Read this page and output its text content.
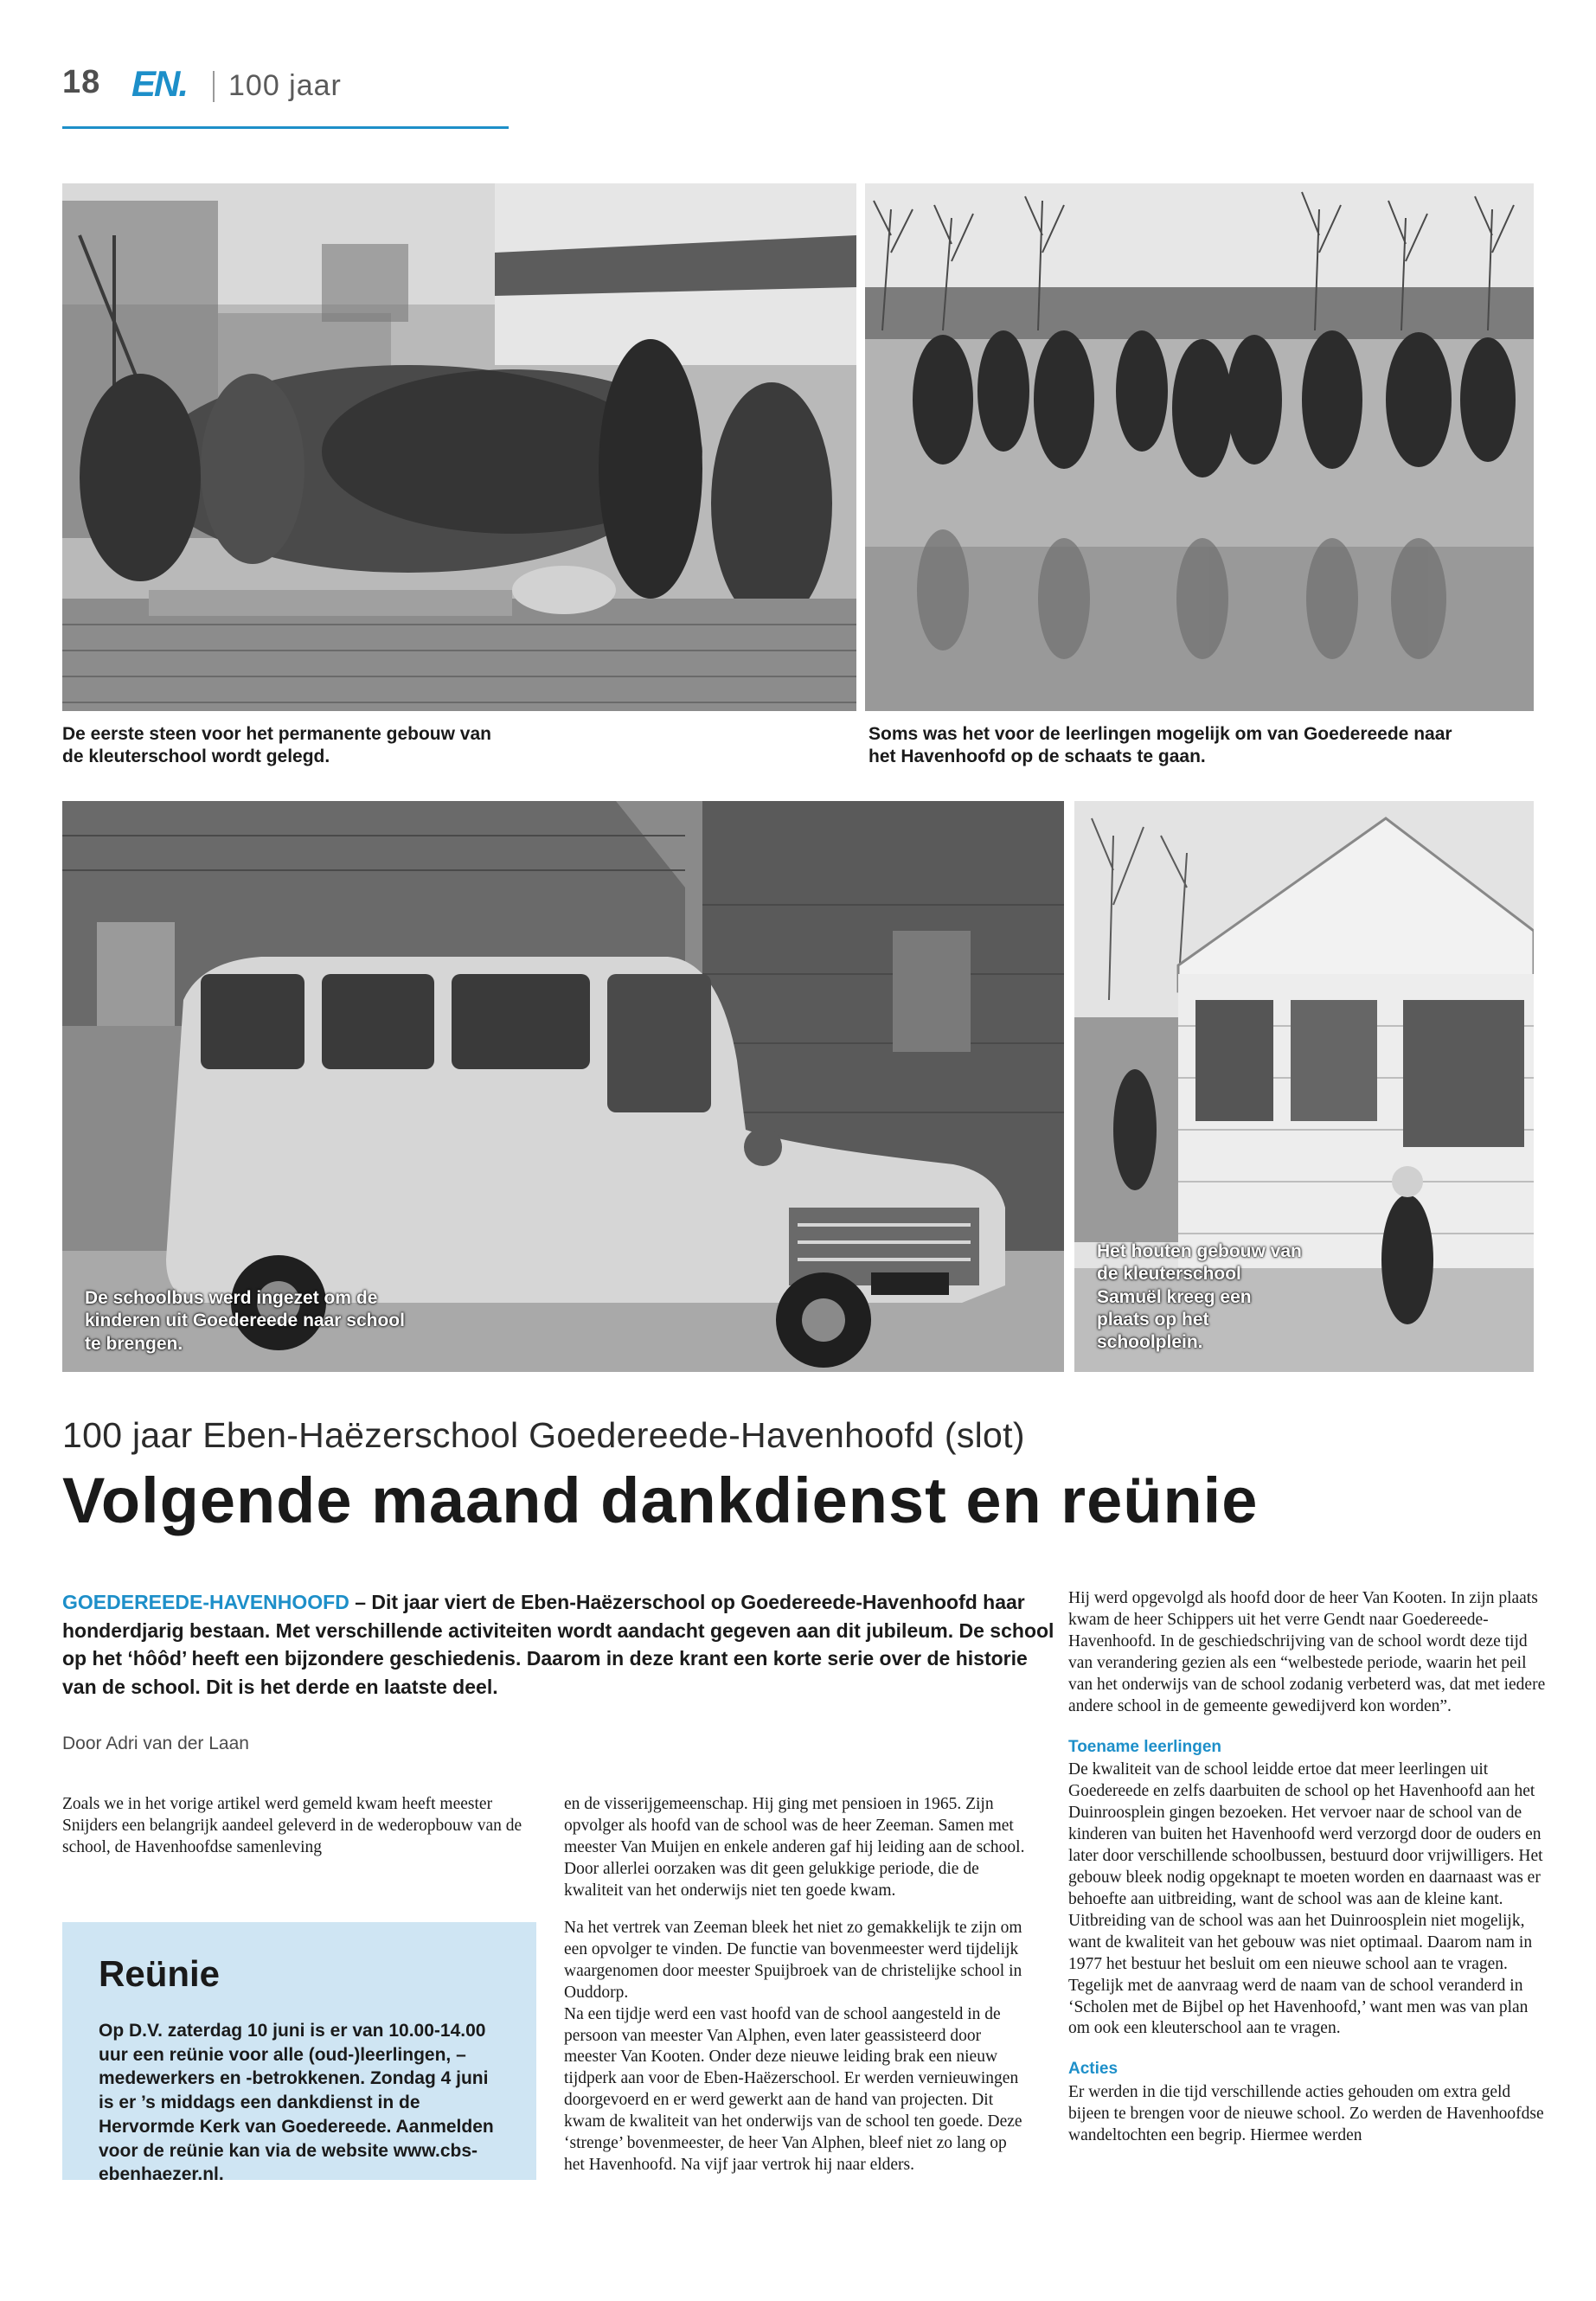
18 EN. 100 jaar
De eerste steen voor het permanente gebouw van de kleuterschool wordt gelegd.
Soms was het voor de leerlingen mogelijk om van Goedereede naar het Havenhoofd op de schaats te gaan.
De schoolbus werd ingezet om de kinderen uit Goedereede naar school te brengen.
Het houten gebouw van de kleuterschool Samuël kreeg een plaats op het schoolplein.
100 jaar Eben-Haëzerschool Goedereede-Havenhoofd (slot)
Volgende maand dankdienst en reünie
GOEDEREEDE-HAVENHOOFD – Dit jaar viert de Eben-Haëzerschool op Goedereede-Havenhoofd haar honderdjarig bestaan. Met verschillende activiteiten wordt aandacht gegeven aan dit jubileum. De school op het ‘hôôd’ heeft een bijzondere geschiedenis. Daarom in deze krant een korte serie over de historie van de school. Dit is het derde en laatste deel.
Door Adri van der Laan

Zoals we in het vorige artikel werd gemeld kwam heeft meester Snijders een belangrijk aandeel geleverd in de wederopbouw van de school, de Havenhoofdse samenleving

Reünie
Op D.V. zaterdag 10 juni is er van 10.00-14.00 uur een reünie voor alle (oud-)leerlingen, – medewerkers en -betrokkenen. Zondag 4 juni is er ’s middags een dankdienst in de Hervormde Kerk van Goedereede. Aanmelden voor de reünie kan via de website www.cbs-ebenhaezer.nl.

en de visserijgemeenschap. Hij ging met pensioen in 1965. Zijn opvolger als hoofd van de school was de heer Zeeman. Samen met meester Van Muijen en enkele anderen gaf hij leiding aan de school. Door allerlei oorzaken was dit geen gelukkige periode, die de kwaliteit van het onderwijs niet ten goede kwam.

Na het vertrek van Zeeman bleek het niet zo gemakkelijk te zijn om een opvolger te vinden. De functie van bovenmeester werd tijdelijk waargenomen door meester Spuijbroek van de christelijke school in Ouddorp.

Na een tijdje werd een vast hoofd van de school aangesteld in de persoon van meester Van Alphen, even later geassisteerd door meester Van Kooten. Onder deze nieuwe leiding brak een nieuw tijdperk aan voor de Eben-Haëzerschool. Er werden vernieuwingen doorgevoerd en er werd gewerkt aan de hand van projecten. Dit kwam de kwaliteit van het onderwijs van de school ten goede. Deze ‘strenge’ bovenmeester, de heer Van Alphen, bleef niet zo lang op het Havenhoofd. Na vijf jaar vertrok hij naar elders.

Hij werd opgevolgd als hoofd door de heer Van Kooten. In zijn plaats kwam de heer Schippers uit het verre Gendt naar Goedereede-Havenhoofd. In de geschiedschrijving van de school wordt deze tijd van verandering gezien als een “welbestede periode, waarin het peil van het onderwijs van de school zodanig verbeterd was, dat met iedere andere school in de gemeente gewedijverd kon worden”.

Toename leerlingen

De kwaliteit van de school leidde ertoe dat meer leerlingen uit Goedereede en zelfs daarbuiten de school op het Havenhoofd aan het Duinroosplein gingen bezoeken. Het vervoer naar de school van de kinderen van buiten het Havenhoofd werd verzorgd door de ouders en later door verschillende schoolbussen, bestuurd door vrijwilligers. Het gebouw bleek nodig opgeknapt te moeten worden en daarnaast was er behoefte aan uitbreiding, want de school was aan de kleine kant. Uitbreiding van de school was aan het Duinroosplein niet mogelijk, want de kwaliteit van het gebouw was niet optimaal. Daarom nam in 1977 het bestuur het besluit om een nieuwe school aan te vragen. Tegelijk met de aanvraag werd de naam van de school veranderd in ‘Scholen met de Bijbel op het Havenhoofd,’ want men was van plan om ook een kleuterschool aan te vragen.

Acties

Er werden in die tijd verschillende acties gehouden om extra geld bijeen te brengen voor de nieuwe school. Zo werden de Havenhoofdse wandeltochten een begrip. Hiermee werden
